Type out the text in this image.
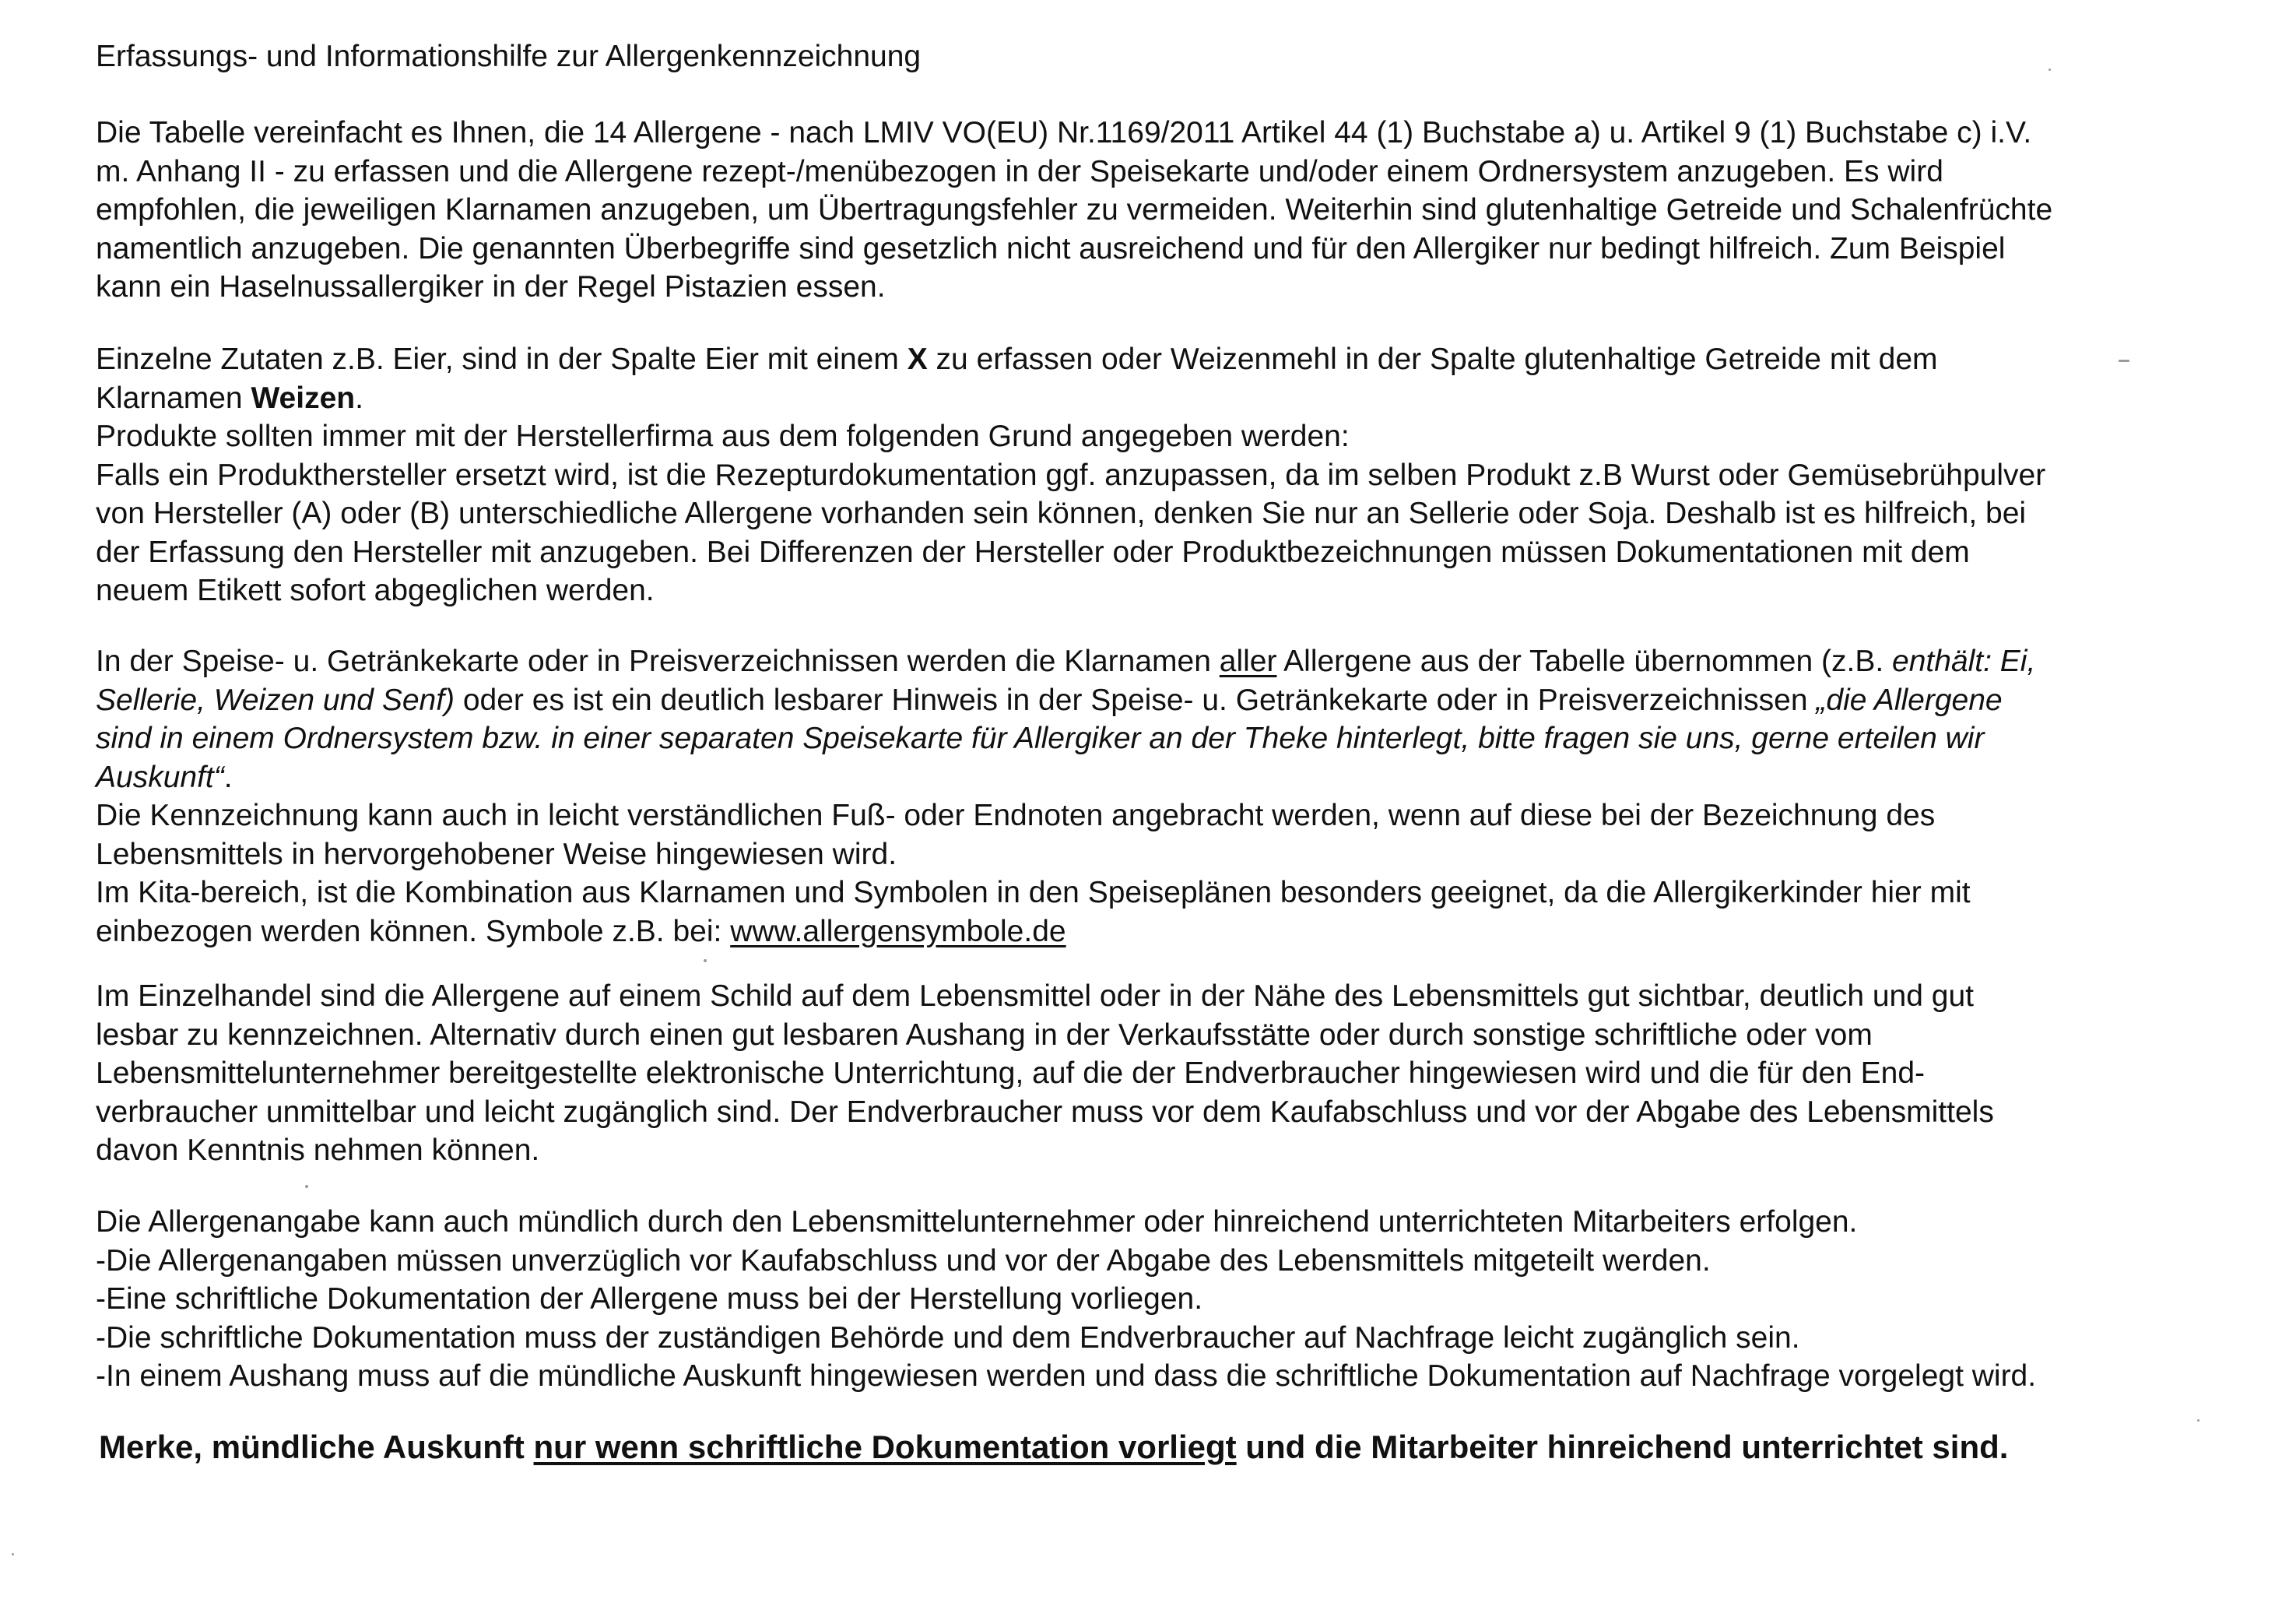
Erfassungs- und Informationshilfe zur Allergenkennzeichnung
Die Tabelle vereinfacht es Ihnen, die 14 Allergene - nach LMIV VO(EU) Nr.1169/2011 Artikel 44 (1) Buchstabe a) u. Artikel 9 (1) Buchstabe c) i.V.
m. Anhang II - zu erfassen und die Allergene rezept-/menübezogen in der Speisekarte und/oder einem Ordnersystem anzugeben. Es wird
empfohlen, die jeweiligen Klarnamen anzugeben, um Übertragungsfehler zu vermeiden. Weiterhin sind glutenhaltige Getreide und Schalenfrüchte
namentlich anzugeben. Die genannten Überbegriffe sind gesetzlich nicht ausreichend und für den Allergiker nur bedingt hilfreich. Zum Beispiel
kann ein Haselnussallergiker in der Regel Pistazien essen.
Einzelne Zutaten z.B. Eier, sind in der Spalte Eier mit einem X zu erfassen oder Weizenmehl in der Spalte glutenhaltige Getreide mit dem
Klarnamen Weizen.
Produkte sollten immer mit der Herstellerfirma aus dem folgenden Grund angegeben werden:
Falls ein Produkthersteller ersetzt wird, ist die Rezepturdokumentation ggf. anzupassen, da im selben Produkt z.B Wurst oder Gemüsebrühpulver
von Hersteller (A) oder (B) unterschiedliche Allergene vorhanden sein können, denken Sie nur an Sellerie oder Soja. Deshalb ist es hilfreich, bei
der Erfassung den Hersteller mit anzugeben. Bei Differenzen der Hersteller oder Produktbezeichnungen müssen Dokumentationen mit dem
neuem Etikett sofort abgeglichen werden.
In der Speise- u. Getränkekarte oder in Preisverzeichnissen werden die Klarnamen aller Allergene aus der Tabelle übernommen (z.B. enthält: Ei,
Sellerie, Weizen und Senf) oder es ist ein deutlich lesbarer Hinweis in der Speise- u. Getränkekarte oder in Preisverzeichnissen „die Allergene
sind in einem Ordnersystem bzw. in einer separaten Speisekarte für Allergiker an der Theke hinterlegt, bitte fragen sie uns, gerne erteilen wir
Auskunft“.
Die Kennzeichnung kann auch in leicht verständlichen Fuß- oder Endnoten angebracht werden, wenn auf diese bei der Bezeichnung des
Lebensmittels in hervorgehobener Weise hingewiesen wird.
Im Kita-bereich, ist die Kombination aus Klarnamen und Symbolen in den Speiseplänen besonders geeignet, da die Allergikerkinder hier mit
einbezogen werden können. Symbole z.B. bei: www.allergensymbole.de
Im Einzelhandel sind die Allergene auf einem Schild auf dem Lebensmittel oder in der Nähe des Lebensmittels gut sichtbar, deutlich und gut
lesbar zu kennzeichnen. Alternativ durch einen gut lesbaren Aushang in der Verkaufsstätte oder durch sonstige schriftliche oder vom
Lebensmittelunternehmer bereitgestellte elektronische Unterrichtung, auf die der Endverbraucher hingewiesen wird und die für den End-
verbraucher unmittelbar und leicht zugänglich sind. Der Endverbraucher muss vor dem Kaufabschluss und vor der Abgabe des Lebensmittels
davon Kenntnis nehmen können.
Die Allergenangabe kann auch mündlich durch den Lebensmittelunternehmer oder hinreichend unterrichteten Mitarbeiters erfolgen.
-Die Allergenangaben müssen unverzüglich vor Kaufabschluss und vor der Abgabe des Lebensmittels mitgeteilt werden.
-Eine schriftliche Dokumentation der Allergene muss bei der Herstellung vorliegen.
-Die schriftliche Dokumentation muss der zuständigen Behörde und dem Endverbraucher auf Nachfrage leicht zugänglich sein.
-In einem Aushang muss auf die mündliche Auskunft hingewiesen werden und dass die schriftliche Dokumentation auf Nachfrage vorgelegt wird.
Merke, mündliche Auskunft nur wenn schriftliche Dokumentation vorliegt und die Mitarbeiter hinreichend unterrichtet sind.
